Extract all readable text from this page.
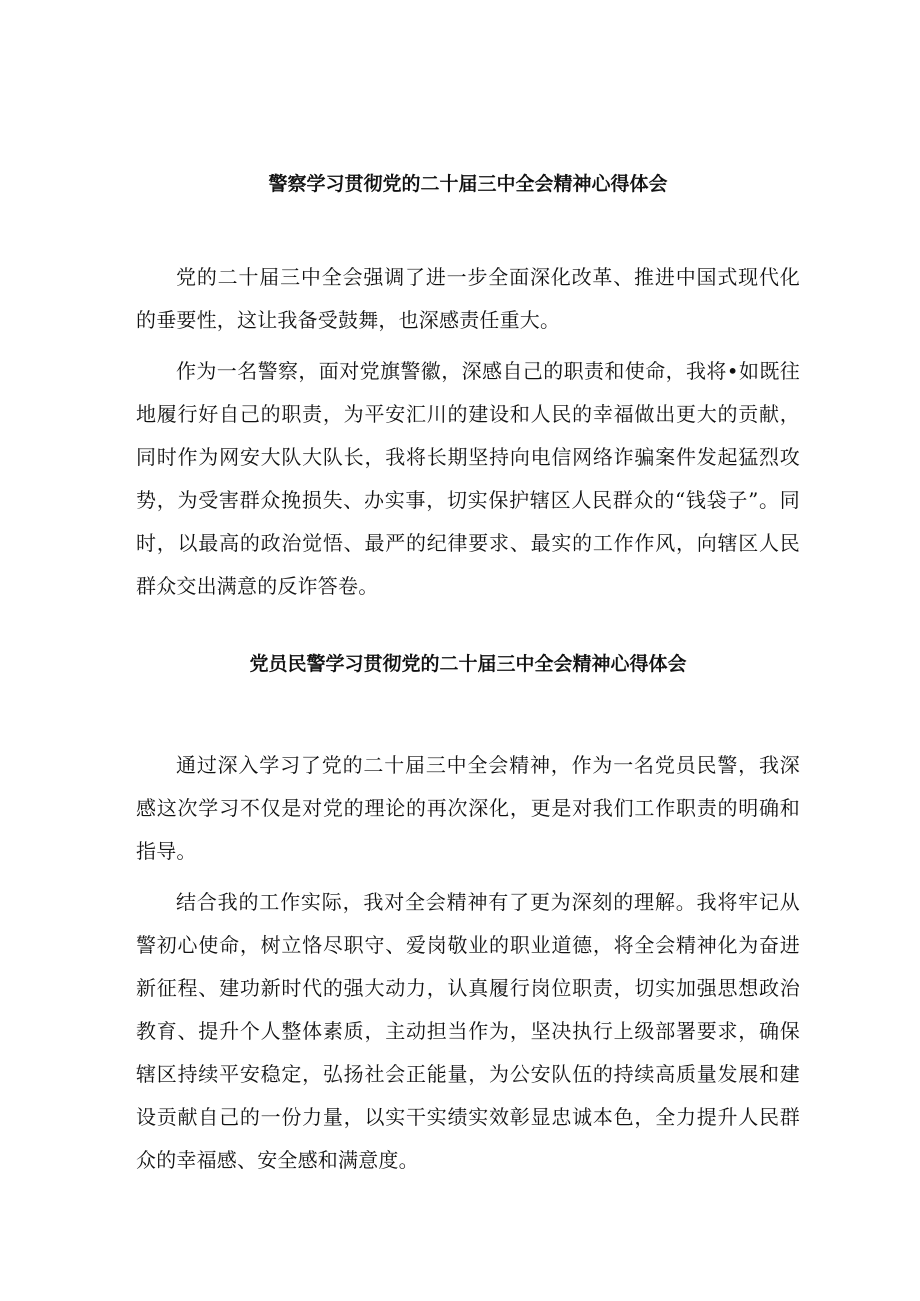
警察学习贯彻党的二十届三中全会精神心得体会

党的二十届三中全会强调了进一步全面深化改革、推进中国式现代化的垂要性，这让我备受鼓舞，也深感责任重大。

作为一名警察，面对党旗警徽，深感自己的职责和使命，我将•如既往地履行好自己的职责，为平安汇川的建设和人民的幸福做出更大的贡献，同时作为网安大队大队长，我将长期坚持向电信网络诈骗案件发起猛烈攻势，为受害群众挽损失、办实事，切实保护辖区人民群众的“钱袋子”。同时，以最高的政治觉悟、最严的纪律要求、最实的工作作风，向辖区人民群众交出满意的反诈答卷。

党员民警学习贯彻党的二十届三中全会精神心得体会

通过深入学习了党的二十届三中全会精神，作为一名党员民警，我深感这次学习不仅是对党的理论的再次深化，更是对我们工作职责的明确和指导。

结合我的工作实际，我对全会精神有了更为深刻的理解。我将牢记从警初心使命，树立恪尽职守、爱岗敬业的职业道德，将全会精神化为奋进新征程、建功新时代的强大动力，认真履行岗位职责，切实加强思想政治教育、提升个人整体素质，主动担当作为，坚决执行上级部署要求，确保辖区持续平安稳定，弘扬社会正能量，为公安队伍的持续高质量发展和建设贡献自己的一份力量，以实干实绩实效彰显忠诚本色，全力提升人民群众的幸福感、安全感和满意度。
